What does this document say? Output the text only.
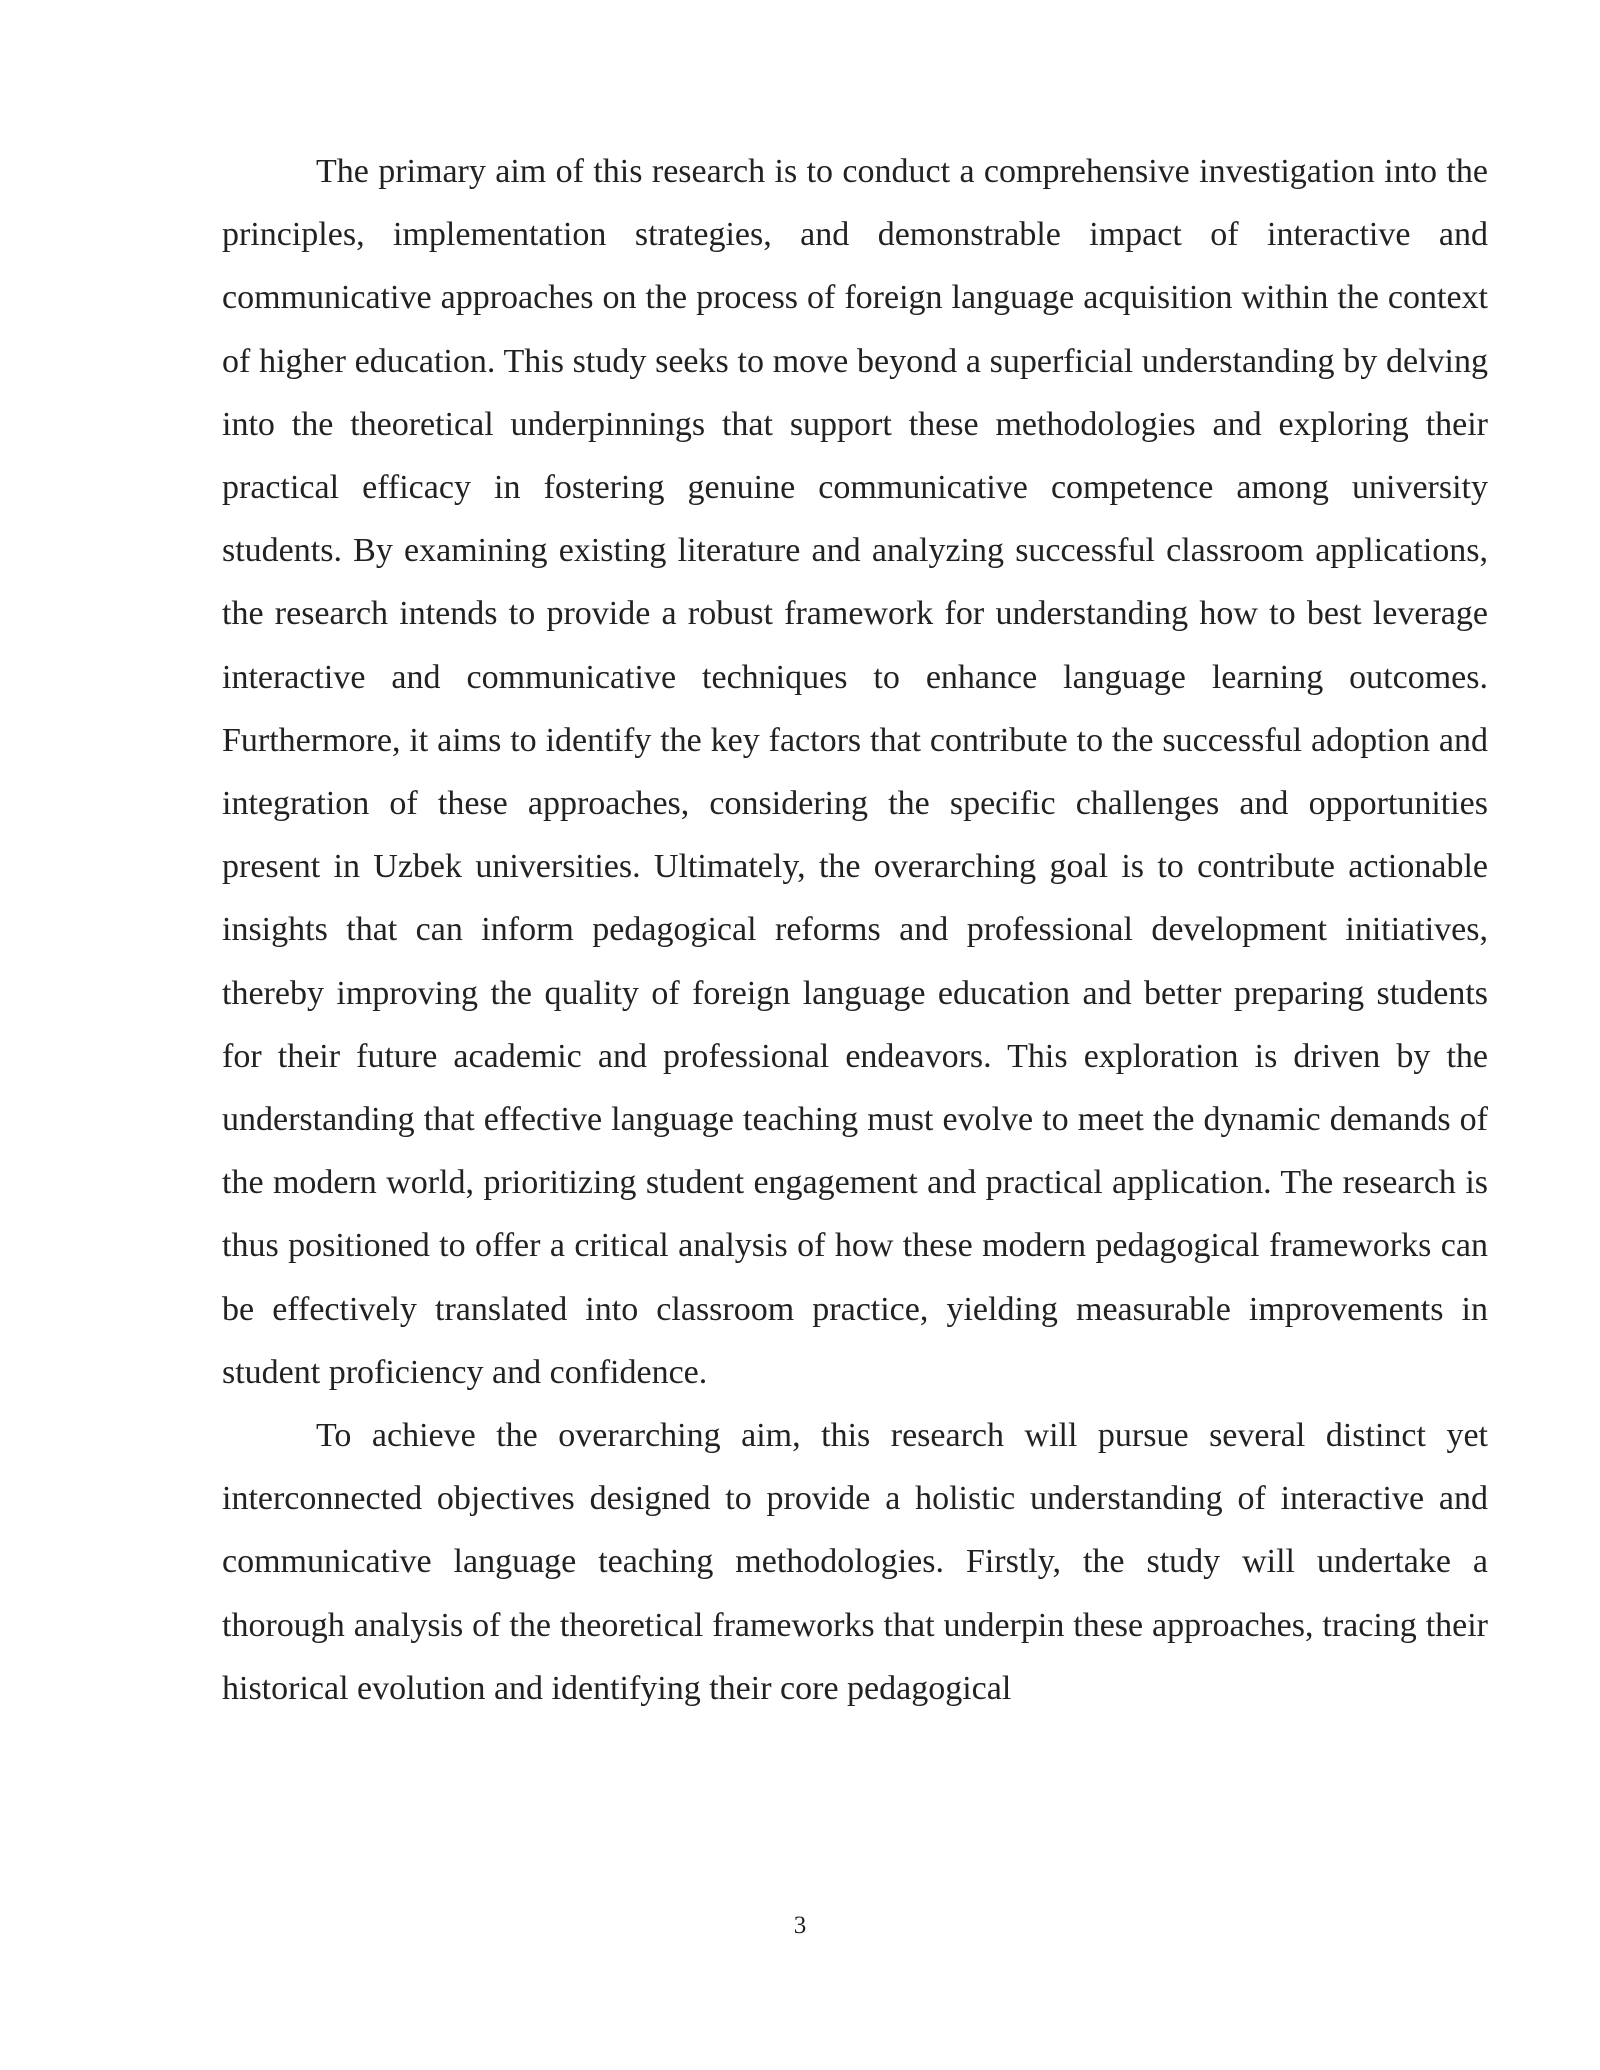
The primary aim of this research is to conduct a comprehensive investigation into the principles, implementation strategies, and demonstrable impact of interactive and communicative approaches on the process of foreign language acquisition within the context of higher education. This study seeks to move beyond a superficial understanding by delving into the theoretical underpinnings that support these methodologies and exploring their practical efficacy in fostering genuine communicative competence among university students. By examining existing literature and analyzing successful classroom applications, the research intends to provide a robust framework for understanding how to best leverage interactive and communicative techniques to enhance language learning outcomes. Furthermore, it aims to identify the key factors that contribute to the successful adoption and integration of these approaches, considering the specific challenges and opportunities present in Uzbek universities. Ultimately, the overarching goal is to contribute actionable insights that can inform pedagogical reforms and professional development initiatives, thereby improving the quality of foreign language education and better preparing students for their future academic and professional endeavors. This exploration is driven by the understanding that effective language teaching must evolve to meet the dynamic demands of the modern world, prioritizing student engagement and practical application. The research is thus positioned to offer a critical analysis of how these modern pedagogical frameworks can be effectively translated into classroom practice, yielding measurable improvements in student proficiency and confidence.

To achieve the overarching aim, this research will pursue several distinct yet interconnected objectives designed to provide a holistic understanding of interactive and communicative language teaching methodologies. Firstly, the study will undertake a thorough analysis of the theoretical frameworks that underpin these approaches, tracing their historical evolution and identifying their core pedagogical

3
